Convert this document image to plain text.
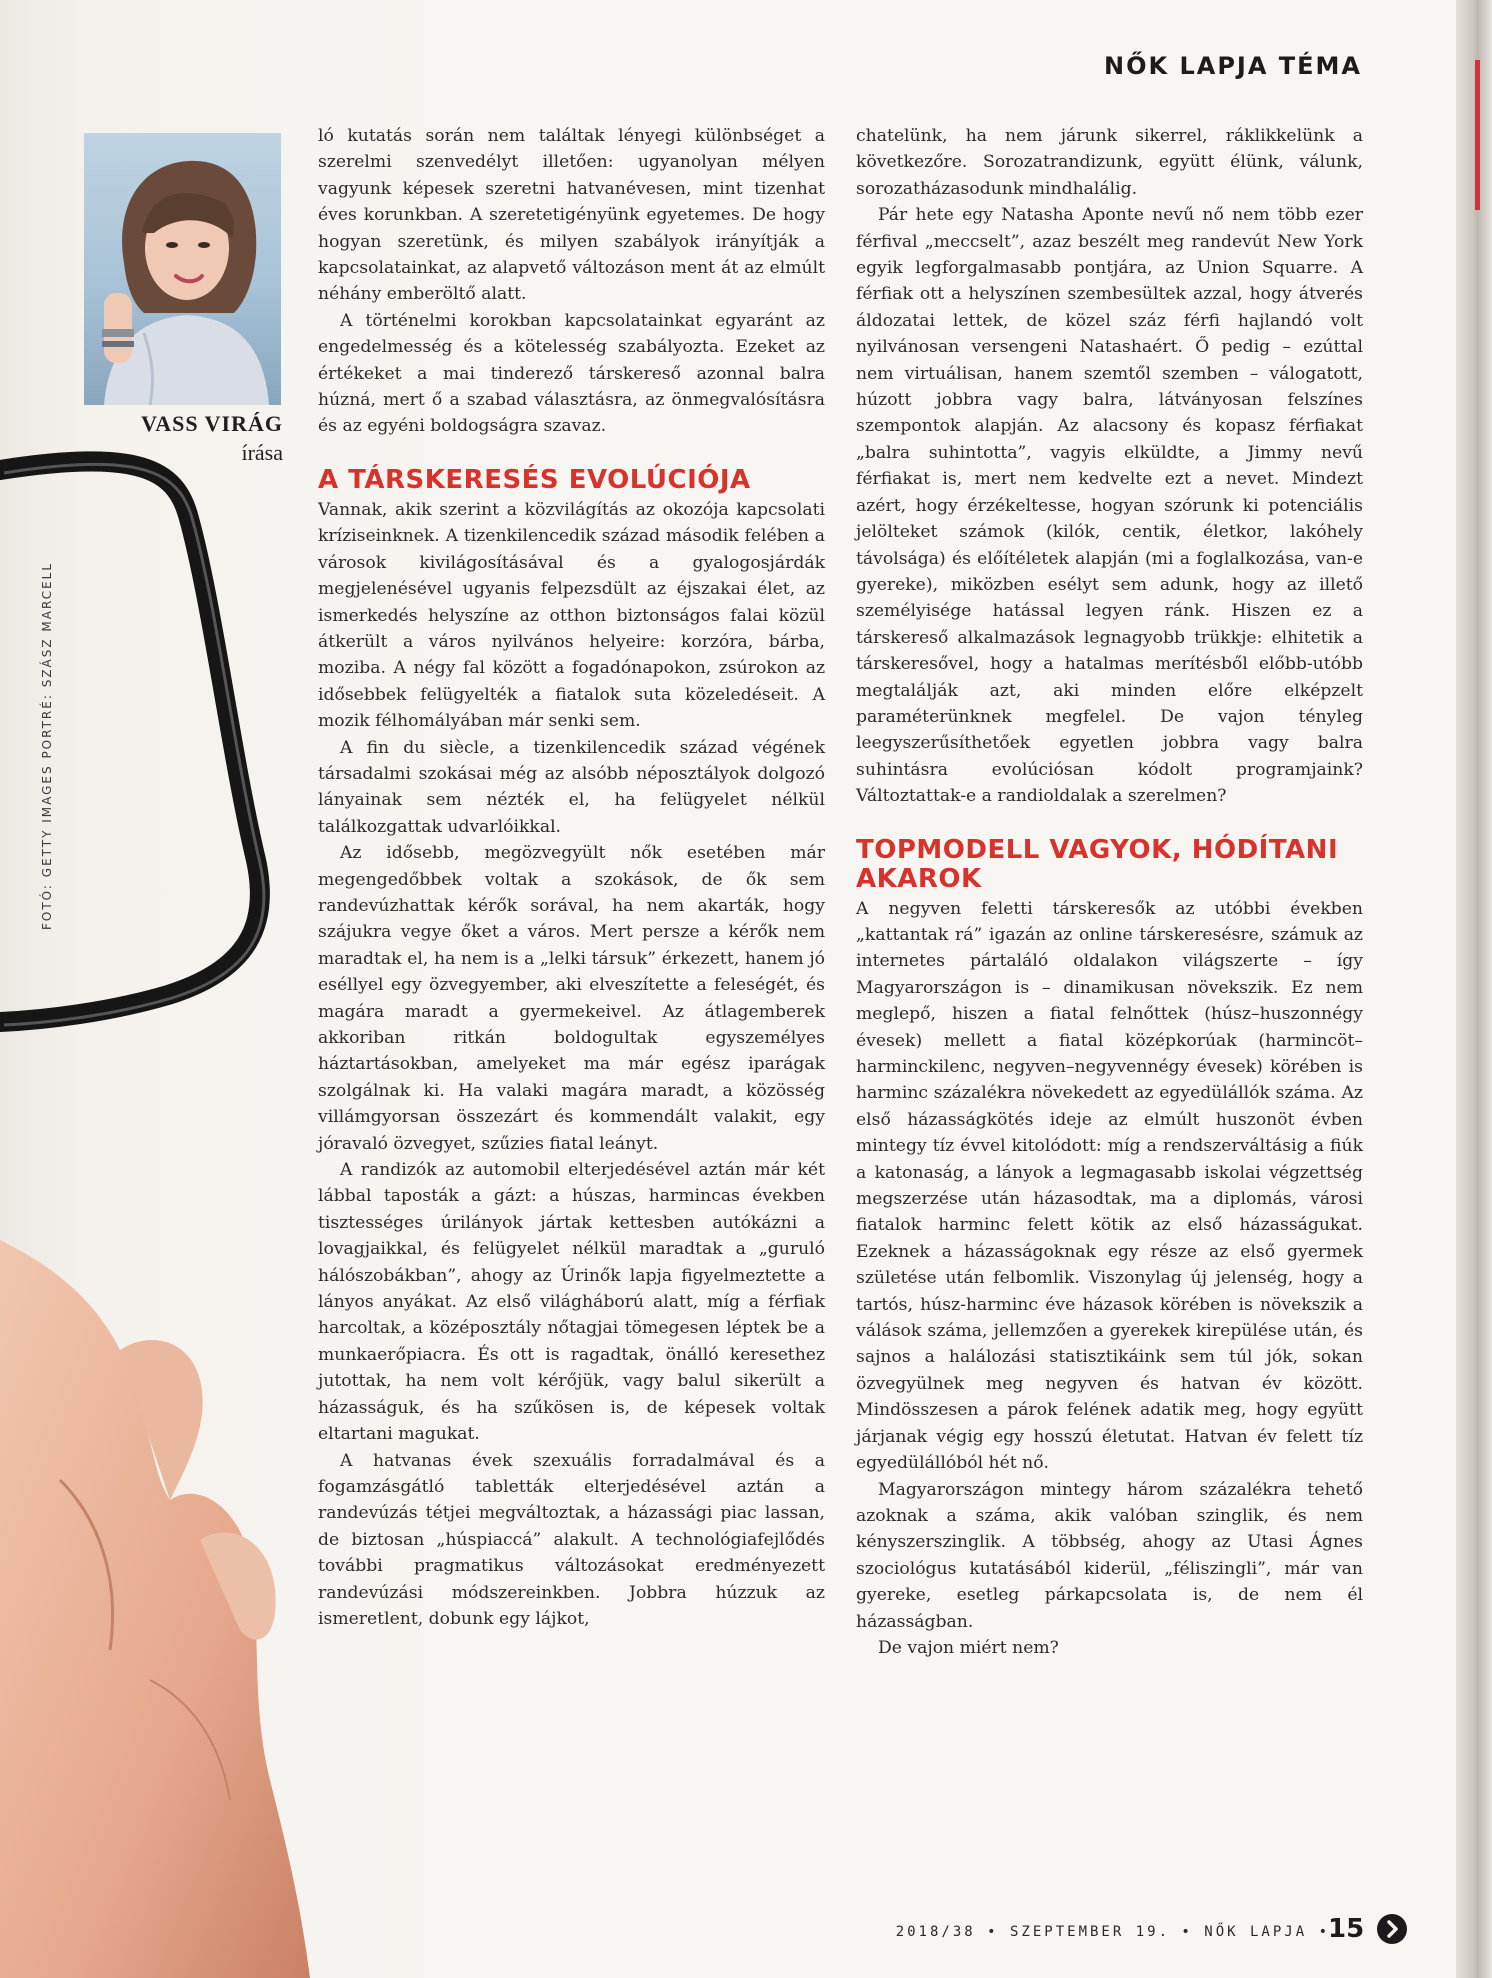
NŐK LAPJA TÉMA
VASS VIRÁG
írása
FOTÓ: GETTY IMAGES PORTRÉ: SZÁSZ MARCELL

ló kutatás során nem találtak lényegi különbséget a szerelmi szenvedélyt illetően: ugyanolyan mélyen vagyunk képesek szeretni hatvanévesen, mint tizenhat éves korunkban. A szeretetigényünk egyetemes. De hogy hogyan szeretünk, és milyen szabályok irányítják a kapcsolatainkat, az alapvető változáson ment át az elmúlt néhány emberöltő alatt.

A történelmi korokban kapcsolatainkat egyaránt az engedelmesség és a kötelesség szabályozta. Ezeket az értékeket a mai tinderező társkereső azonnal balra húzná, mert ő a szabad választásra, az önmegvalósításra és az egyéni boldogságra szavaz.

A TÁRSKERESÉS EVOLÚCIÓJA

Vannak, akik szerint a közvilágítás az okozója kapcsolati kríziseinknek. A tizenkilencedik század második felében a városok kivilágosításával és a gyalogosjárdák megjelenésével ugyanis felpezsdült az éjszakai élet, az ismerkedés helyszíne az otthon biztonságos falai közül átkerült a város nyilvános helyeire: korzóra, bárba, moziba. A négy fal között a fogadónapokon, zsúrokon az idősebbek felügyelték a fiatalok suta közeledéseit. A mozik félhomályában már senki sem.

A fin du siècle, a tizenkilencedik század végének társadalmi szokásai még az alsóbb néposztályok dolgozó lányainak sem nézték el, ha felügyelet nélkül találkozgattak udvarlóikkal.

Az idősebb, megözvegyült nők esetében már megengedőbbek voltak a szokások, de ők sem randevúzhattak kérők sorával, ha nem akarták, hogy szájukra vegye őket a város. Mert persze a kérők nem maradtak el, ha nem is a „lelki társuk” érkezett, hanem jó eséllyel egy özvegyember, aki elveszítette a feleségét, és magára maradt a gyermekeivel. Az átlagemberek akkoriban ritkán boldogultak egyszemélyes háztartásokban, amelyeket ma már egész iparágak szolgálnak ki. Ha valaki magára maradt, a közösség villámgyorsan összezárt és kommendált valakit, egy jóravaló özvegyet, szűzies fiatal leányt.

A randizók az automobil elterjedésével aztán már két lábbal taposták a gázt: a húszas, harmincas években tisztességes úrilányok jártak kettesben autókázni a lovagjaikkal, és felügyelet nélkül maradtak a „guruló hálószobákban”, ahogy az Úrinők lapja figyelmeztette a lányos anyákat. Az első világháború alatt, míg a férfiak harcoltak, a középosztály nőtagjai tömegesen léptek be a munkaerőpiacra. És ott is ragadtak, önálló keresethez jutottak, ha nem volt kérőjük, vagy balul sikerült a házasságuk, és ha szűkösen is, de képesek voltak eltartani magukat.

A hatvanas évek szexuális forradalmával és a fogamzásgátló tabletták elterjedésével aztán a randevúzás tétjei megváltoztak, a házassági piac lassan, de biztosan „húspiaccá” alakult. A technológiafejlődés további pragmatikus változásokat eredményezett randevúzási módszereinkben. Jobbra húzzuk az ismeretlent, dobunk egy lájkot,

chatelünk, ha nem járunk sikerrel, ráklikkelünk a következőre. Sorozatrandizunk, együtt élünk, válunk, sorozatházasodunk mindhalálig.

Pár hete egy Natasha Aponte nevű nő nem több ezer férfival „meccselt”, azaz beszélt meg randevút New York egyik legforgalmasabb pontjára, az Union Squarre. A férfiak ott a helyszínen szembesültek azzal, hogy átverés áldozatai lettek, de közel száz férfi hajlandó volt nyilvánosan versengeni Natashaért. Ő pedig – ezúttal nem virtuálisan, hanem szemtől szemben – válogatott, húzott jobbra vagy balra, látványosan felszínes szempontok alapján. Az alacsony és kopasz férfiakat „balra suhintotta”, vagyis elküldte, a Jimmy nevű férfiakat is, mert nem kedvelte ezt a nevet. Mindezt azért, hogy érzékeltesse, hogyan szórunk ki potenciális jelölteket számok (kilók, centik, életkor, lakóhely távolsága) és előítéletek alapján (mi a foglalkozása, van-e gyereke), miközben esélyt sem adunk, hogy az illető személyisége hatással legyen ránk. Hiszen ez a társkereső alkalmazások legnagyobb trükkje: elhitetik a társkeresővel, hogy a hatalmas merítésből előbb-utóbb megtalálják azt, aki minden előre elképzelt paraméterünknek megfelel. De vajon tényleg leegyszerűsíthetőek egyetlen jobbra vagy balra suhintásra evolúciósan kódolt programjaink? Változtattak-e a randioldalak a szerelmen?

TOPMODELL VAGYOK, HÓDÍTANI AKAROK

A negyven feletti társkeresők az utóbbi években „kattantak rá” igazán az online társkeresésre, számuk az internetes pártaláló oldalakon világszerte – így Magyarországon is – dinamikusan növekszik. Ez nem meglepő, hiszen a fiatal felnőttek (húsz–huszonnégy évesek) mellett a fiatal középkorúak (harmincöt–harminckilenc, negyven–negyvennégy évesek) körében is harminc százalékra növekedett az egyedülállók száma. Az első házasságkötés ideje az elmúlt huszonöt évben mintegy tíz évvel kitolódott: míg a rendszerváltásig a fiúk a katonaság, a lányok a legmagasabb iskolai végzettség megszerzése után házasodtak, ma a diplomás, városi fiatalok harminc felett kötik az első házasságukat. Ezeknek a házasságoknak egy része az első gyermek születése után felbomlik. Viszonylag új jelenség, hogy a tartós, húsz-harminc éve házasok körében is növekszik a válások száma, jellemzően a gyerekek kirepülése után, és sajnos a halálozási statisztikáink sem túl jók, sokan özvegyülnek meg negyven és hatvan év között. Mindösszesen a párok felének adatik meg, hogy együtt járjanak végig egy hosszú életutat. Hatvan év felett tíz egyedülállóból hét nő.

Magyarországon mintegy három százalékra tehető azoknak a száma, akik valóban szinglik, és nem kényszerszinglik. A többség, ahogy az Utasi Ágnes szociológus kutatásából kiderül, „féliszingli”, már van gyereke, esetleg párkapcsolata is, de nem él házasságban.

De vajon miért nem?

2018/38 • SZEPTEMBER 19. • NŐK LAPJA •
15
